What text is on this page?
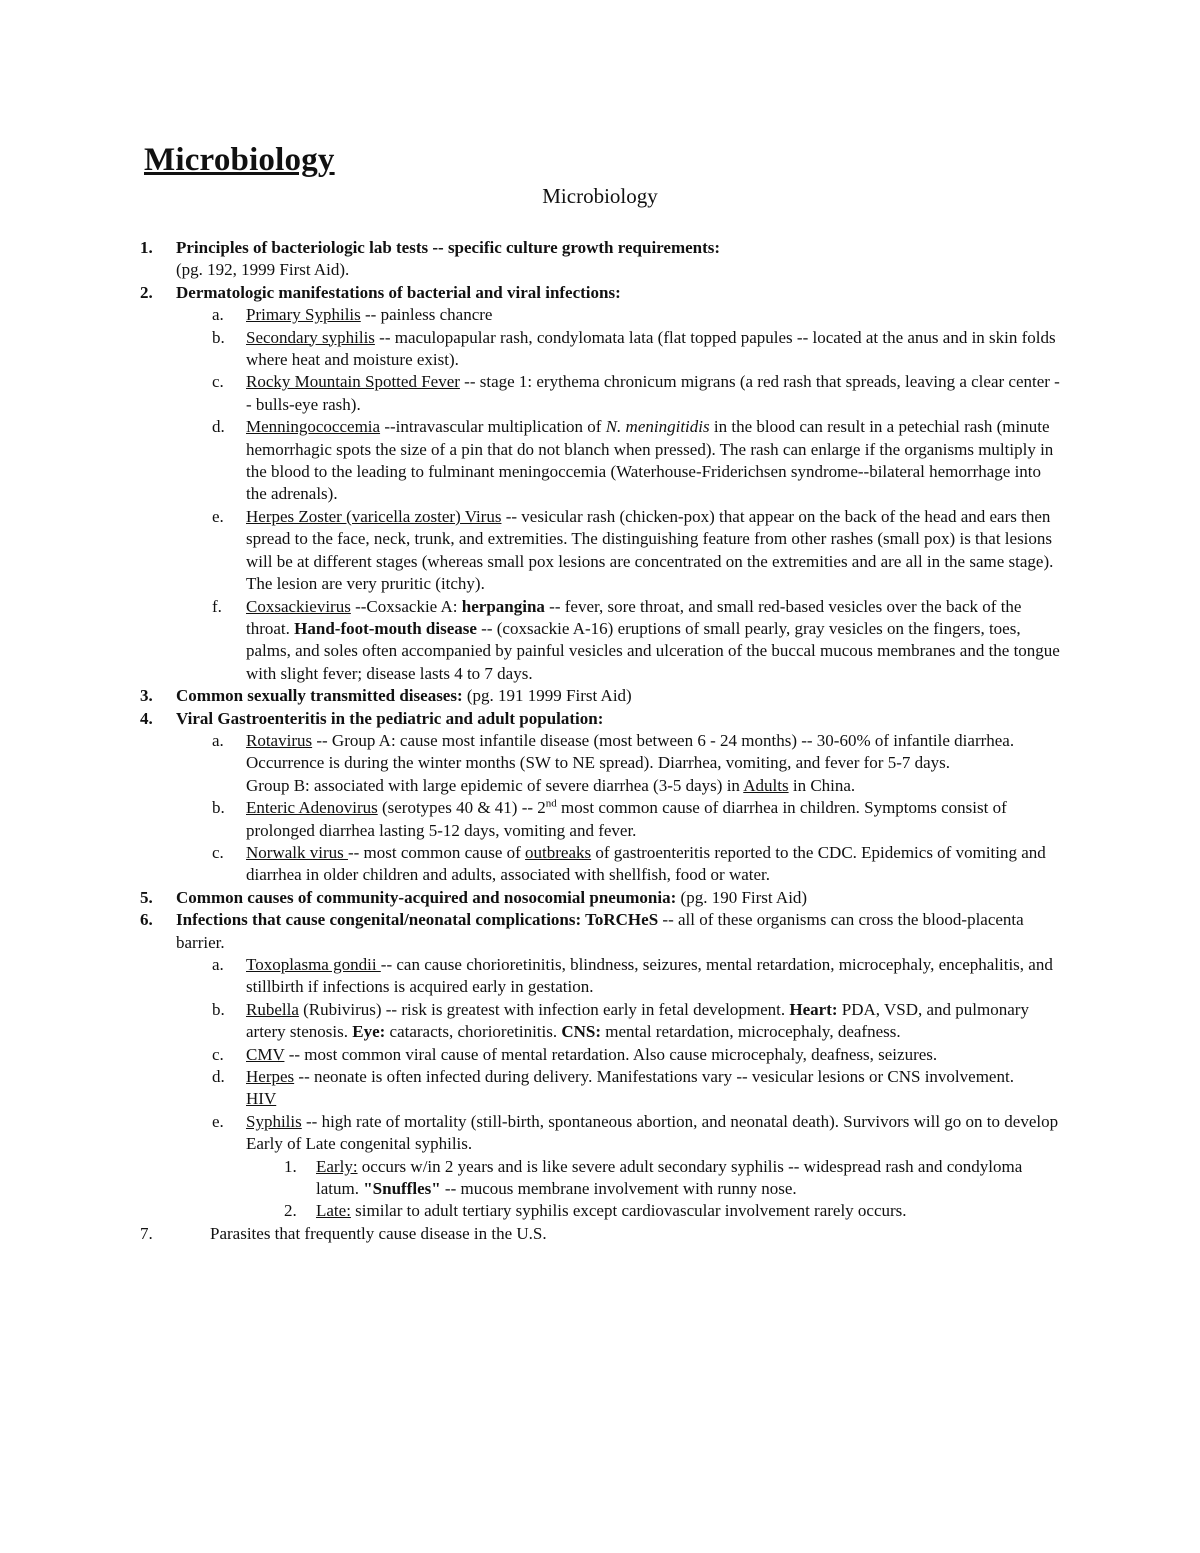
Microbiology
Microbiology
1. Principles of bacteriologic lab tests -- specific culture growth requirements:
(pg. 192, 1999 First Aid).
2. Dermatologic manifestations of bacterial and viral infections:
a. Primary Syphilis -- painless chancre
b. Secondary syphilis -- maculopapular rash, condylomata lata (flat topped papules -- located at the anus and in skin folds where heat and moisture exist).
c. Rocky Mountain Spotted Fever -- stage 1: erythema chronicum migrans (a red rash that spreads, leaving a clear center -- bulls-eye rash).
d. Menningococcemia --intravascular multiplication of N. meningitidis in the blood can result in a petechial rash (minute hemorrhagic spots the size of a pin that do not blanch when pressed). The rash can enlarge if the organisms multiply in the blood to the leading to fulminant meningoccemia (Waterhouse-Friderichsen syndrome--bilateral hemorrhage into the adrenals).
e. Herpes Zoster (varicella zoster) Virus -- vesicular rash (chicken-pox) that appear on the back of the head and ears then spread to the face, neck, trunk, and extremities. The distinguishing feature from other rashes (small pox) is that lesions will be at different stages (whereas small pox lesions are concentrated on the extremities and are all in the same stage). The lesion are very pruritic (itchy).
f. Coxsackievirus --Coxsackie A: herpangina -- fever, sore throat, and small red-based vesicles over the back of the throat. Hand-foot-mouth disease -- (coxsackie A-16) eruptions of small pearly, gray vesicles on the fingers, toes, palms, and soles often accompanied by painful vesicles and ulceration of the buccal mucous membranes and the tongue with slight fever; disease lasts 4 to 7 days.
3. Common sexually transmitted diseases: (pg. 191 1999 First Aid)
4. Viral Gastroenteritis in the pediatric and adult population:
a. Rotavirus -- Group A: cause most infantile disease (most between 6 - 24 months) -- 30-60% of infantile diarrhea. Occurrence is during the winter months (SW to NE spread). Diarrhea, vomiting, and fever for 5-7 days.
Group B: associated with large epidemic of severe diarrhea (3-5 days) in Adults in China.
b. Enteric Adenovirus (serotypes 40 & 41) -- 2nd most common cause of diarrhea in children. Symptoms consist of prolonged diarrhea lasting 5-12 days, vomiting and fever.
c. Norwalk virus -- most common cause of outbreaks of gastroenteritis reported to the CDC. Epidemics of vomiting and diarrhea in older children and adults, associated with shellfish, food or water.
5. Common causes of community-acquired and nosocomial pneumonia: (pg. 190 First Aid)
6. Infections that cause congenital/neonatal complications: ToRCHeS -- all of these organisms can cross the blood-placenta barrier.
a. Toxoplasma gondii -- can cause chorioretinitis, blindness, seizures, mental retardation, microcephaly, encephalitis, and stillbirth if infections is acquired early in gestation.
b. Rubella (Rubivirus) -- risk is greatest with infection early in fetal development. Heart: PDA, VSD, and pulmonary artery stenosis. Eye: cataracts, chorioretinitis. CNS: mental retardation, microcephaly, deafness.
c. CMV -- most common viral cause of mental retardation. Also cause microcephaly, deafness, seizures.
d. Herpes -- neonate is often infected during delivery. Manifestations vary -- vesicular lesions or CNS involvement.
HIV
e. Syphilis -- high rate of mortality (still-birth, spontaneous abortion, and neonatal death). Survivors will go on to develop Early of Late congenital syphilis.
1. Early: occurs w/in 2 years and is like severe adult secondary syphilis -- widespread rash and condyloma latum. "Snuffles" -- mucous membrane involvement with runny nose.
2. Late: similar to adult tertiary syphilis except cardiovascular involvement rarely occurs.
7.	Parasites that frequently cause disease in the U.S.
